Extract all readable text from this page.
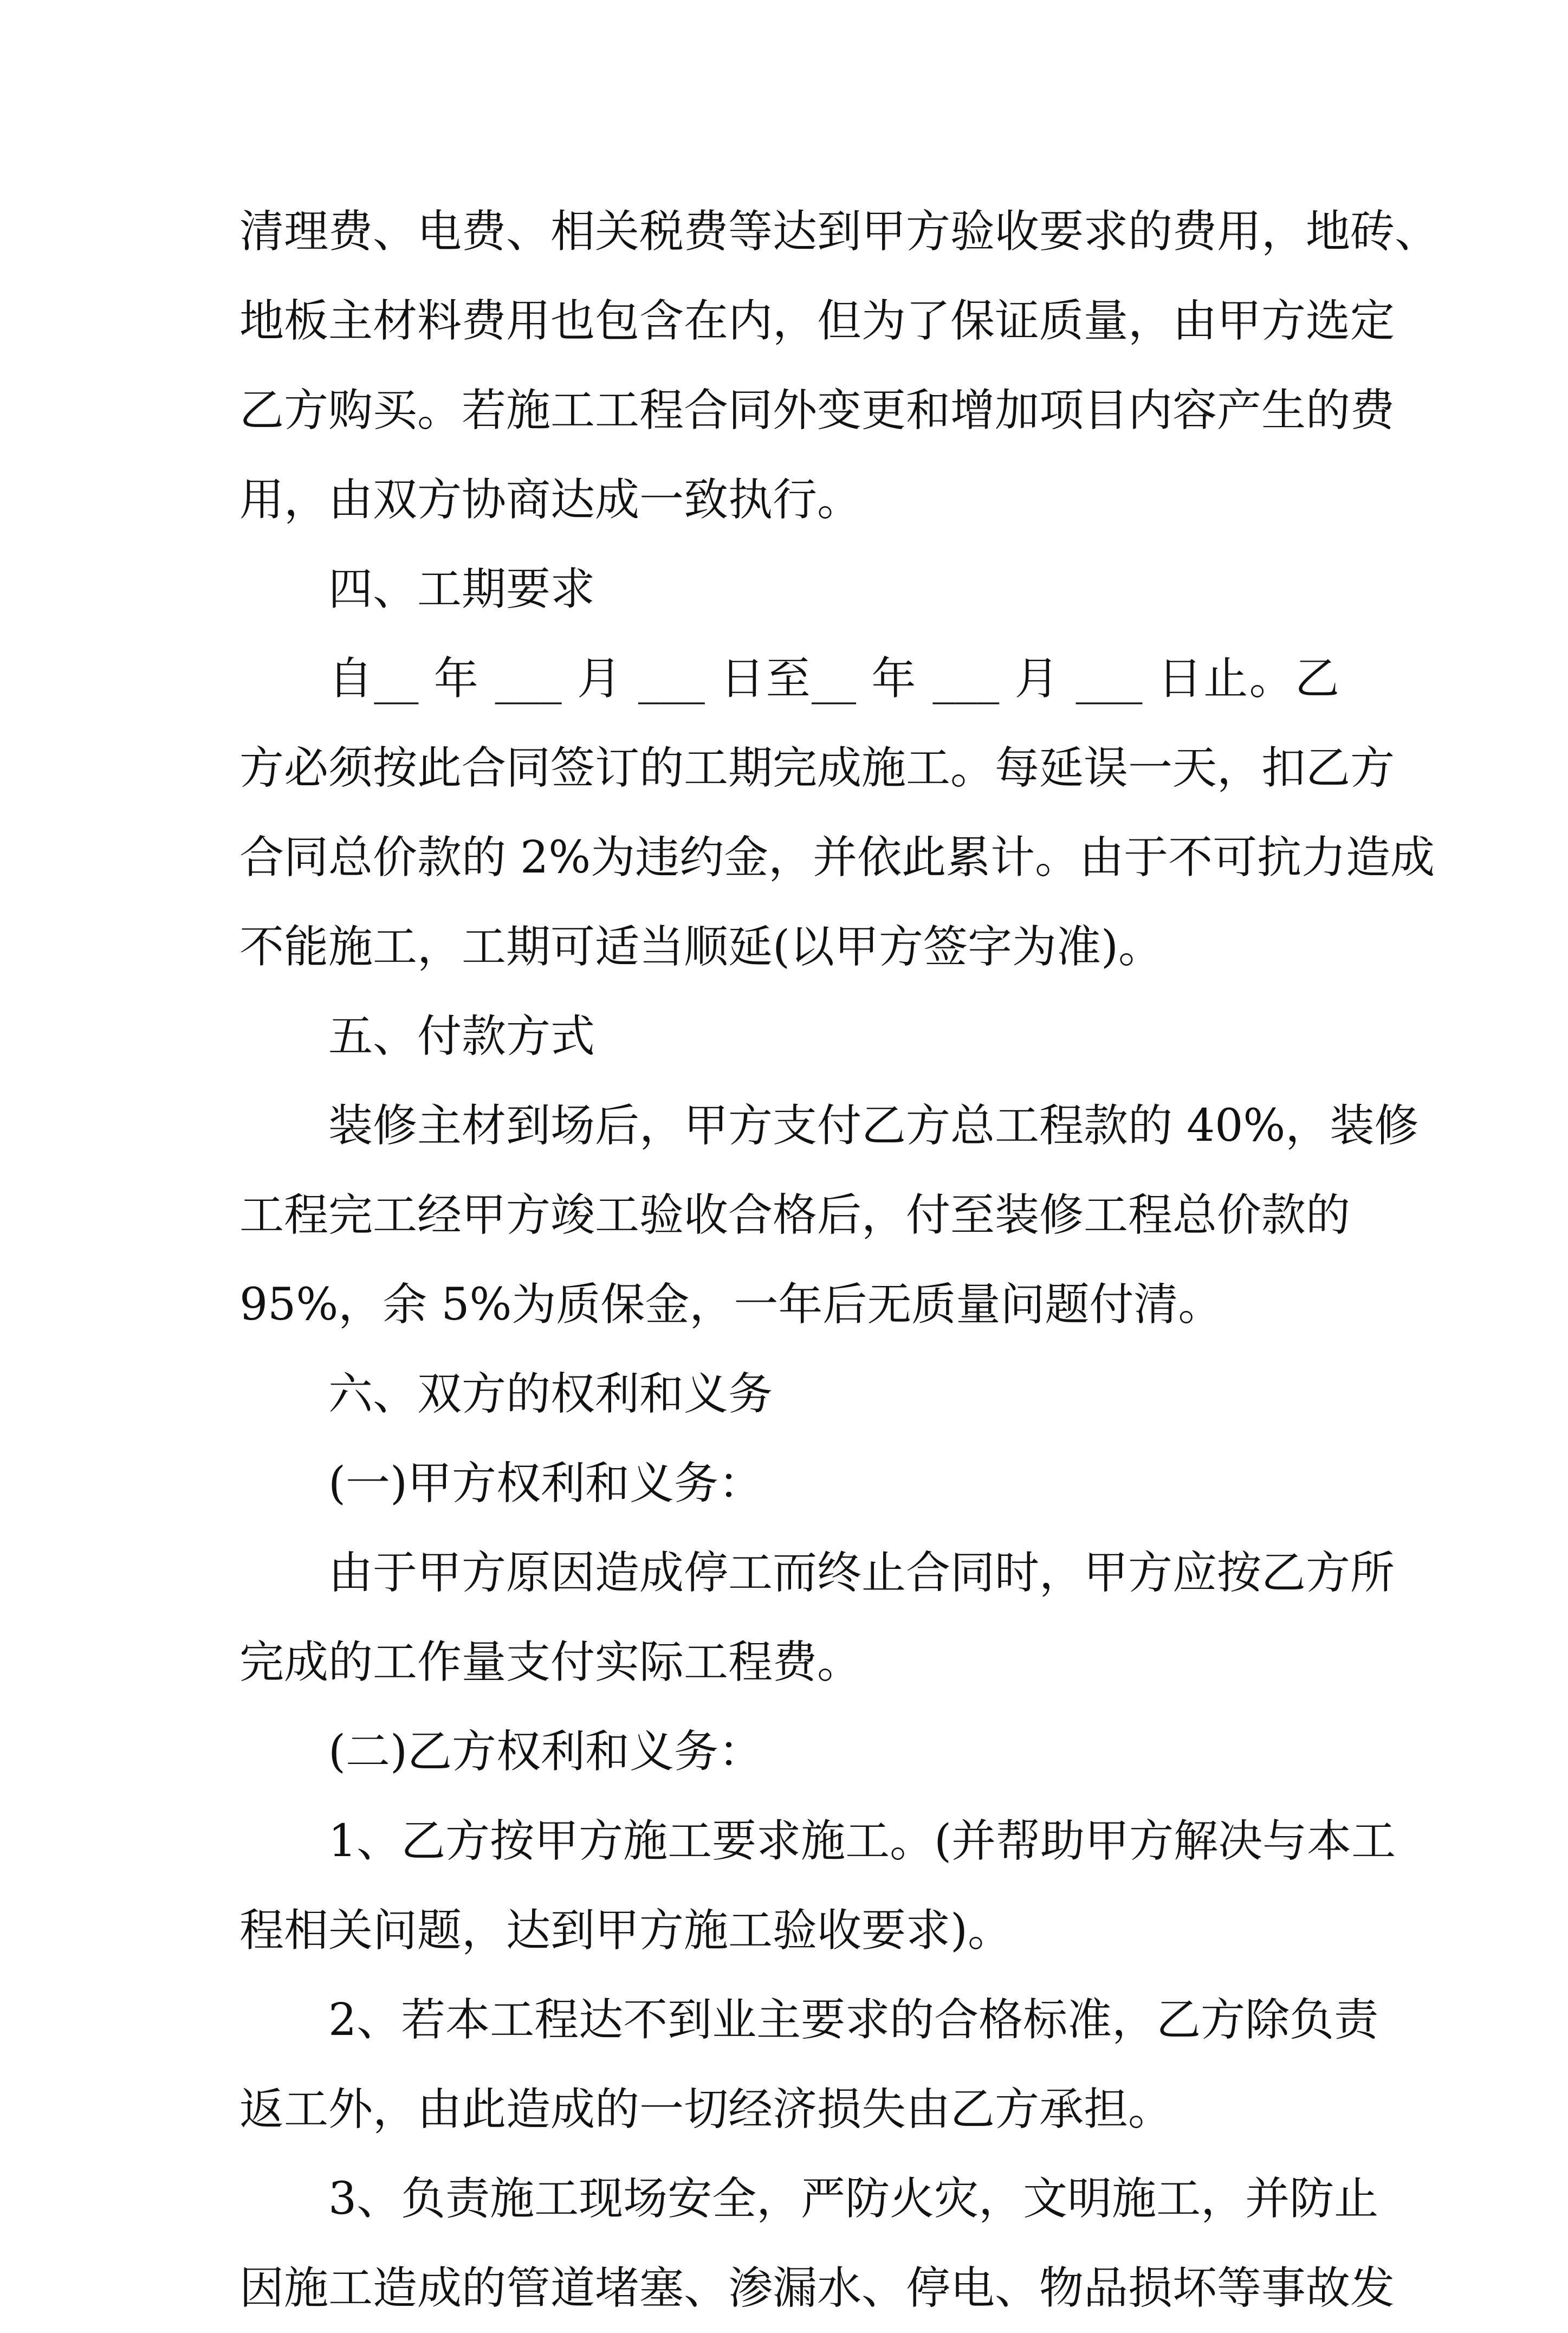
清理费、电费、相关税费等达到甲方验收要求的费用，地砖、
地板主材料费用也包含在内，但为了保证质量，由甲方选定
乙方购买。若施工工程合同外变更和增加项目内容产生的费
用，由双方协商达成一致执行。
四、工期要求
自__ 年 ___ 月 ___ 日至__ 年 ___ 月 ___ 日止。乙
方必须按此合同签订的工期完成施工。每延误一天，扣乙方
合同总价款的 2%为违约金，并依此累计。由于不可抗力造成
不能施工，工期可适当顺延(以甲方签字为准)。
五、付款方式
装修主材到场后，甲方支付乙方总工程款的 40%，装修
工程完工经甲方竣工验收合格后，付至装修工程总价款的
95%，余 5%为质保金，一年后无质量问题付清。
六、双方的权利和义务
(一)甲方权利和义务：
由于甲方原因造成停工而终止合同时，甲方应按乙方所
完成的工作量支付实际工程费。
(二)乙方权利和义务：
1、乙方按甲方施工要求施工。(并帮助甲方解决与本工
程相关问题，达到甲方施工验收要求)。
2、若本工程达不到业主要求的合格标准，乙方除负责
返工外，由此造成的一切经济损失由乙方承担。
3、负责施工现场安全，严防火灾，文明施工，并防止
因施工造成的管道堵塞、渗漏水、停电、物品损坏等事故发
